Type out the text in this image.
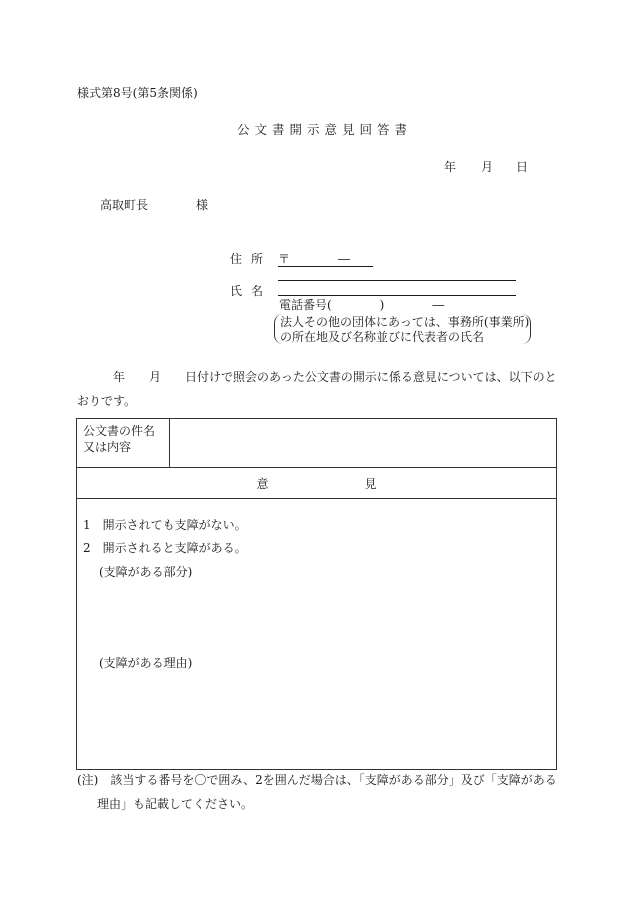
様式第8号(第5条関係)
公文書開示意見回答書
年 月 日
高取町長	様
住所 〒　　　　―
氏名
電話番号(　　　　)　　　　―
法人その他の団体にあっては、事務所(事業所)
の所在地及び名称並びに代表者の氏名
年　　月　　日付けで照会のあった公文書の開示に係る意見については、以下のと
おりです。
公文書の件名
又は内容

意　　　　　　　　見

1　開示されても支障がない。
2　開示されると支障がある。
(支障がある部分)
(支障がある理由)
(注)　該当する番号を〇で囲み、2を囲んだ場合は、「支障がある部分」及び「支障がある
理由」も記載してください。
